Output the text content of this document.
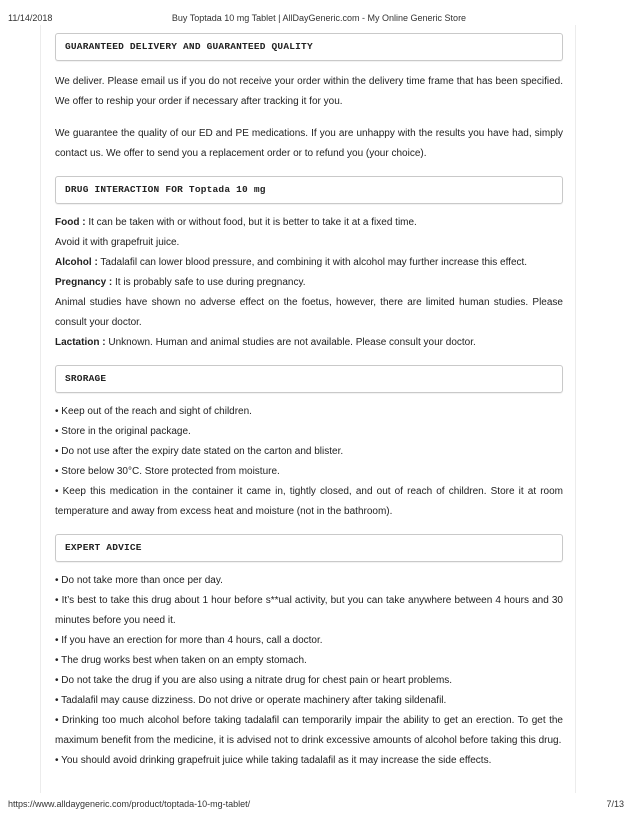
11/14/2018	Buy Toptada 10 mg Tablet | AllDayGeneric.com - My Online Generic Store
GUARANTEED DELIVERY AND GUARANTEED QUALITY

We deliver. Please email us if you do not receive your order within the delivery time frame that has been specified. We offer to reship your order if necessary after tracking it for you.

We guarantee the quality of our ED and PE medications. If you are unhappy with the results you have had, simply contact us. We offer to send you a replacement order or to refund you (your choice).

DRUG INTERACTION FOR Toptada 10 mg

Food : It can be taken with or without food, but it is better to take it at a fixed time.

Avoid it with grapefruit juice.

Alcohol : Tadalafil can lower blood pressure, and combining it with alcohol may further increase this effect.

Pregnancy : It is probably safe to use during pregnancy.

Animal studies have shown no adverse effect on the foetus, however, there are limited human studies. Please consult your doctor.

Lactation : Unknown. Human and animal studies are not available. Please consult your doctor.

SRORAGE

• Keep out of the reach and sight of children.

• Store in the original package.

• Do not use after the expiry date stated on the carton and blister.

• Store below 30°C. Store protected from moisture.

• Keep this medication in the container it came in, tightly closed, and out of reach of children. Store it at room temperature and away from excess heat and moisture (not in the bathroom).

EXPERT ADVICE

• Do not take more than once per day.

• It’s best to take this drug about 1 hour before s**ual activity, but you can take anywhere between 4 hours and 30 minutes before you need it.

• If you have an erection for more than 4 hours, call a doctor.

• The drug works best when taken on an empty stomach.

• Do not take the drug if you are also using a nitrate drug for chest pain or heart problems.

• Tadalafil may cause dizziness. Do not drive or operate machinery after taking sildenafil.

• Drinking too much alcohol before taking tadalafil can temporarily impair the ability to get an erection. To get the maximum benefit from the medicine, it is advised not to drink excessive amounts of alcohol before taking this drug.

• You should avoid drinking grapefruit juice while taking tadalafil as it may increase the side effects.

https://www.alldaygeneric.com/product/toptada-10-mg-tablet/	7/13
